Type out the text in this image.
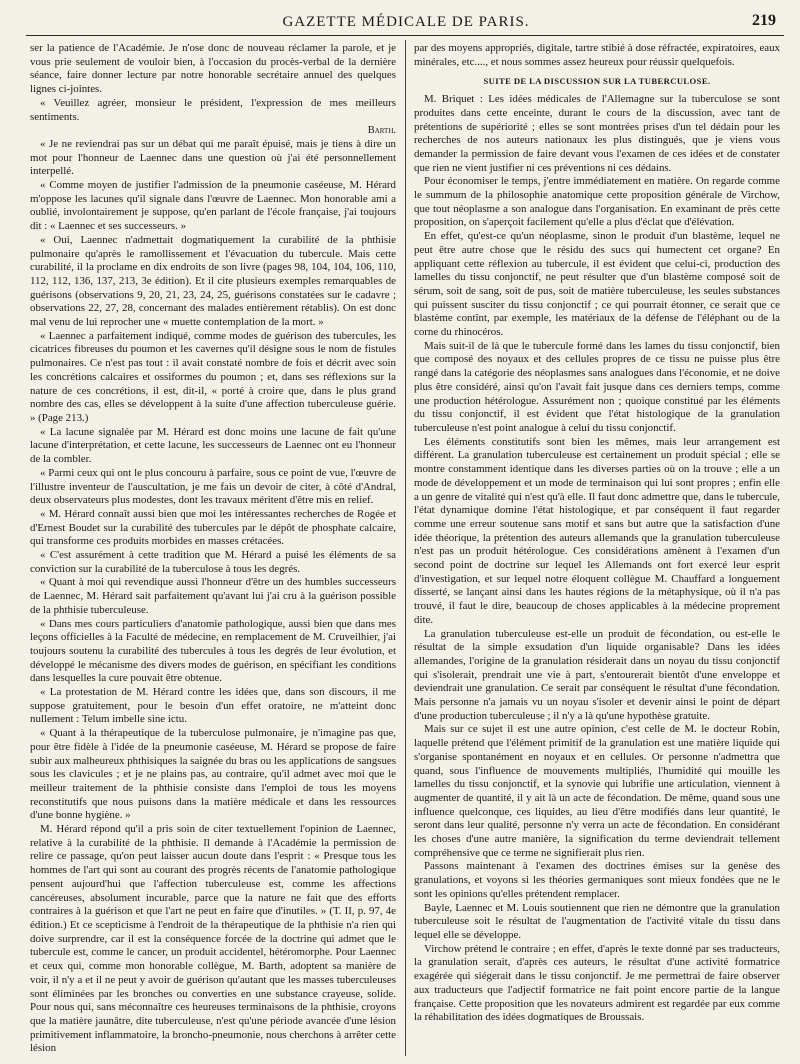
GAZETTE MÉDICALE DE PARIS.	219

ser la patience de l'Académie. Je n'ose donc de nouveau réclamer la parole, et je vous prie seulement de vouloir bien, à l'occasion du procès-verbal de la dernière séance, faire donner lecture par notre honorable secrétaire annuel des quelques lignes ci-jointes.

« Veuillez agréer, monsieur le président, l'expression de mes meilleurs sentiments.

Barth.

« Je ne reviendrai pas sur un débat qui me paraît épuisé, mais je tiens à dire un mot pour l'honneur de Laennec dans une question où j'ai été personnellement interpellé.

« Comme moyen de justifier l'admission de la pneumonie caséeuse, M. Hérard m'oppose les lacunes qu'il signale dans l'œuvre de Laennec. Mon honorable ami a oublié, involontairement je suppose, qu'en parlant de l'école française, j'ai toujours dit : « Laennec et ses successeurs. »

« Oui, Laennec n'admettait dogmatiquement la curabilité de la phthisie pulmonaire qu'après le ramollissement et l'évacuation du tubercule. Mais cette curabilité, il la proclame en dix endroits de son livre (pages 98, 104, 104, 106, 110, 112, 112, 136, 137, 213, 3e édition). Et il cite plusieurs exemples remarquables de guérisons (observations 9, 20, 21, 23, 24, 25, guérisons constatées sur le cadavre ; observations 22, 27, 28, concernant des malades entièrement rétablis). On est donc mal venu de lui reprocher une « muette contemplation de la mort. »

« Laennec a parfaitement indiqué, comme modes de guérison des tubercules, les cicatrices fibreuses du poumon et les cavernes qu'il désigne sous le nom de fistules pulmonaires. Ce n'est pas tout : il avait constaté nombre de fois et décrit avec soin les concrétions calcaires et ossiformes du poumon ; et, dans ses réflexions sur la nature de ces concrétions, il est, dit-il, « porté à croire que, dans le plus grand nombre des cas, elles se développent à la suite d'une affection tuberculeuse guérie. » (Page 213.)

« La lacune signalée par M. Hérard est donc moins une lacune de fait qu'une lacune d'interprétation, et cette lacune, les successeurs de Laennec ont eu l'honneur de la combler.

« Parmi ceux qui ont le plus concouru à parfaire, sous ce point de vue, l'œuvre de l'illustre inventeur de l'auscultation, je me fais un devoir de citer, à côté d'Andral, deux observateurs plus modestes, dont les travaux méritent d'être mis en relief.

« M. Hérard connaît aussi bien que moi les intéressantes recherches de Rogée et d'Ernest Boudet sur la curabilité des tubercules par le dépôt de phosphate calcaire, qui transforme ces produits morbides en masses crétacées.

« C'est assurément à cette tradition que M. Hérard a puisé les éléments de sa conviction sur la curabilité de la tuberculose à tous les degrés.

« Quant à moi qui revendique aussi l'honneur d'être un des humbles successeurs de Laennec, M. Hérard sait parfaitement qu'avant lui j'ai cru à la guérison possible de la phthisie tuberculeuse.

« Dans mes cours particuliers d'anatomie pathologique, aussi bien que dans mes leçons officielles à la Faculté de médecine, en remplacement de M. Cruveilhier, j'ai toujours soutenu la curabilité des tubercules à tous les degrés de leur évolution, et développé le mécanisme des divers modes de guérison, en spécifiant les conditions dans lesquelles la cure pouvait être obtenue.

« La protestation de M. Hérard contre les idées que, dans son discours, il me suppose gratuitement, pour le besoin d'un effet oratoire, ne m'atteint donc nullement : Telum imbelle sine ictu.

« Quant à la thérapeutique de la tuberculose pulmonaire, je n'imagine pas que, pour être fidèle à l'idée de la pneumonie caséeuse, M. Hérard se propose de faire subir aux malheureux phthisiques la saignée du bras ou les applications de sangsues sous les clavicules ; et je ne plains pas, au contraire, qu'il admet avec moi que le meilleur traitement de la phthisie consiste dans l'emploi de tous les moyens reconstitutifs que nous puisons dans la matière médicale et dans les ressources d'une bonne hygiène. »

M. Hérard répond qu'il a pris soin de citer textuellement l'opinion de Laennec, relative à la curabilité de la phthisie. Il demande à l'Académie la permission de relire ce passage, qu'on peut laisser aucun doute dans l'esprit : « Presque tous les hommes de l'art qui sont au courant des progrès récents de l'anatomie pathologique pensent aujourd'hui que l'affection tuberculeuse est, comme les affections cancéreuses, absolument incurable, parce que la nature ne fait que des efforts contraires à la guérison et que l'art ne peut en faire que d'inutiles. » (T. II, p. 97, 4e édition.) Et ce scepticisme à l'endroit de la thérapeutique de la phthisie n'a rien qui doive surprendre, car il est la conséquence forcée de la doctrine qui admet que le tubercule est, comme le cancer, un produit accidentel, hétéromorphe. Pour Laennec et ceux qui, comme mon honorable collègue, M. Barth, adoptent sa manière de voir, il n'y a et il ne peut y avoir de guérison qu'autant que les masses tuberculeuses sont éliminées par les bronches ou converties en une substance crayeuse, solide. Pour nous qui, sans méconnaître ces heureuses terminaisons de la phthisie, croyons que la matière jaunâtre, dite tuberculeuse, n'est qu'une période avancée d'une lésion primitivement inflammatoire, la broncho-pneumonie, nous cherchons à arrêter cette lésion

par des moyens appropriés, digitale, tartre stibié à dose réfractée, expiratoires, eaux minérales, etc...., et nous sommes assez heureux pour réussir quelquefois.

SUITE DE LA DISCUSSION SUR LA TUBERCULOSE.

M. Briquet : Les idées médicales de l'Allemagne sur la tuberculose se sont produites dans cette enceinte, durant le cours de la discussion, avec tant de prétentions de supériorité ; elles se sont montrées prises d'un tel dédain pour les recherches de nos auteurs nationaux les plus distingués, que je viens vous demander la permission de faire devant vous l'examen de ces idées et de constater que rien ne vient justifier ni ces préventions ni ces dédains.

Pour économiser le temps, j'entre immédiatement en matière. On regarde comme le summum de la philosophie anatomique cette proposition générale de Virchow, que tout néoplasme a son analogue dans l'organisation. En examinant de près cette proposition, on s'aperçoit facilement qu'elle a plus d'éclat que d'élévation.

En effet, qu'est-ce qu'un néoplasme, sinon le produit d'un blastème, lequel ne peut être autre chose que le résidu des sucs qui humectent cet organe? En appliquant cette réflexion au tubercule, il est évident que celui-ci, production des lamelles du tissu conjonctif, ne peut résulter que d'un blastème composé soit de sérum, soit de sang, soit de pus, soit de matière tuberculeuse, les seules substances qui puissent susciter du tissu conjonctif ; ce qui pourrait étonner, ce serait que ce blastème contînt, par exemple, les matériaux de la défense de l'éléphant ou de la corne du rhinocéros.

Mais suit-il de là que le tubercule formé dans les lames du tissu conjonctif, bien que composé des noyaux et des cellules propres de ce tissu ne puisse plus être rangé dans la catégorie des néoplasmes sans analogues dans l'économie, et ne doive plus être considéré, ainsi qu'on l'avait fait jusque dans ces derniers temps, comme une production hétérologue. Assurément non ; quoique constitué par les éléments du tissu conjonctif, il est évident que l'état histologique de la granulation tuberculeuse n'est point analogue à celui du tissu conjonctif.

Les éléments constitutifs sont bien les mêmes, mais leur arrangement est différent. La granulation tuberculeuse est certainement un produit spécial ; elle se montre constamment identique dans les diverses parties où on la trouve ; elle a un mode de développement et un mode de terminaison qui lui sont propres ; enfin elle a un genre de vitalité qui n'est qu'à elle. Il faut donc admettre que, dans le tubercule, l'état dynamique domine l'état histologique, et par conséquent il faut regarder comme une erreur soutenue sans motif et sans but autre que la satisfaction d'une idée théorique, la prétention des auteurs allemands que la granulation tuberculeuse n'est pas un produit hétérologue. Ces considérations amènent à l'examen d'un second point de doctrine sur lequel les Allemands ont fort exercé leur esprit d'investigation, et sur lequel notre éloquent collègue M. Chauffard a longuement disserté, se lançant ainsi dans les hautes régions de la métaphysique, où il n'a pas trouvé, il faut le dire, beaucoup de choses applicables à la médecine proprement dite.

La granulation tuberculeuse est-elle un produit de fécondation, ou est-elle le résultat de la simple exsudation d'un liquide organisable? Dans les idées allemandes, l'origine de la granulation résiderait dans un noyau du tissu conjonctif qui s'isolerait, prendrait une vie à part, s'entourerait bientôt d'une enveloppe et deviendrait une granulation. Ce serait par conséquent le résultat d'une fécondation. Mais personne n'a jamais vu un noyau s'isoler et devenir ainsi le point de départ d'une production tuberculeuse ; il n'y a là qu'une hypothèse gratuite.

Mais sur ce sujet il est une autre opinion, c'est celle de M. le docteur Robin, laquelle prétend que l'élément primitif de la granulation est une matière liquide qui s'organise spontanément en noyaux et en cellules. Or personne n'admettra que quand, sous l'influence de mouvements multipliés, l'humidité qui mouille les lamelles du tissu conjonctif, et la synovie qui lubrifie une articulation, viennent à augmenter de quantité, il y ait là un acte de fécondation. De même, quand sous une influence quelconque, ces liquides, au lieu d'être modifiés dans leur quantité, le seront dans leur qualité, personne n'y verra un acte de fécondation. En considérant les choses d'une autre manière, la signification du terme deviendrait tellement compréhensive que ce terme ne signifierait plus rien.

Passons maintenant à l'examen des doctrines émises sur la genèse des granulations, et voyons si les théories germaniques sont mieux fondées que ne le sont les opinions qu'elles prétendent remplacer.

Bayle, Laennec et M. Louis soutiennent que rien ne démontre que la granulation tuberculeuse soit le résultat de l'augmentation de l'activité vitale du tissu dans lequel elle se développe.

Virchow prétend le contraire ; en effet, d'après le texte donné par ses traducteurs, la granulation serait, d'après ces auteurs, le résultat d'une activité formatrice exagérée qui siégerait dans le tissu conjonctif. Je me permettrai de faire observer aux traducteurs que l'adjectif formatrice ne fait point encore partie de la langue française. Cette proposition que les novateurs admirent est regardée par eux comme la réhabilitation des idées dogmatiques de Broussais.
